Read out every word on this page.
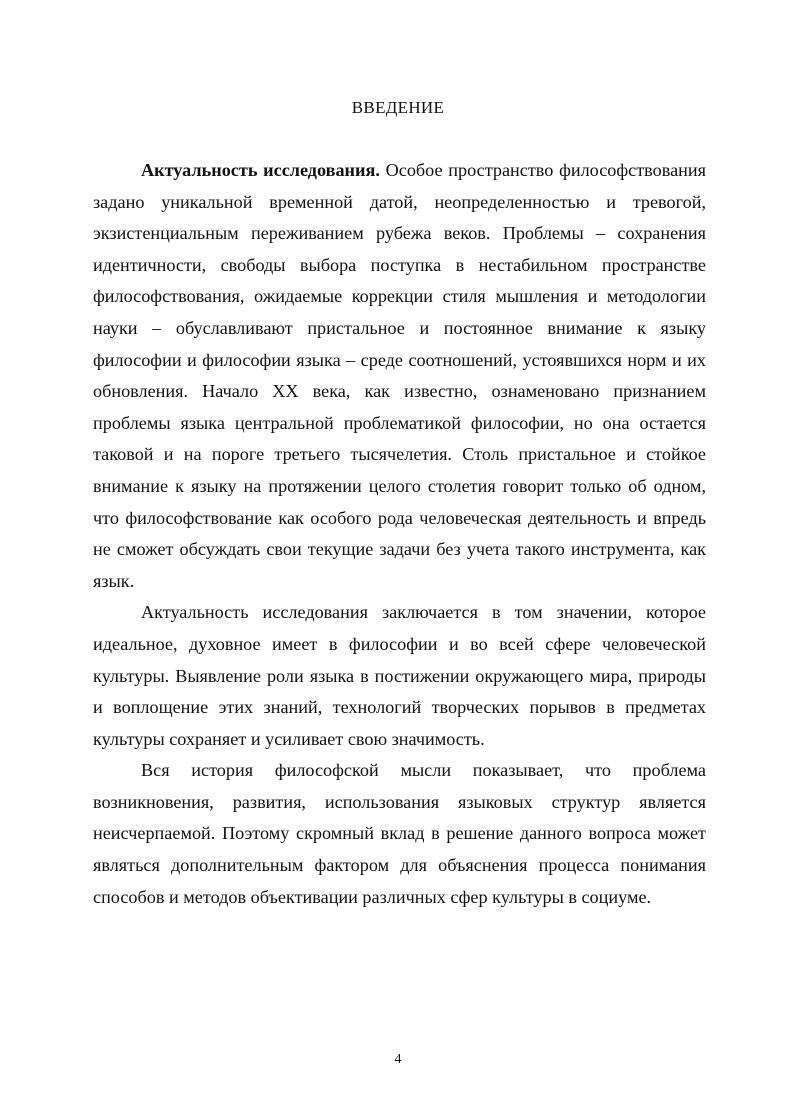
ВВЕДЕНИЕ

Актуальность исследования. Особое пространство философствования задано уникальной временной датой, неопределенностью и тревогой, экзистенциальным переживанием рубежа веков. Проблемы – сохранения идентичности, свободы выбора поступка в нестабильном пространстве философствования, ожидаемые коррекции стиля мышления и методологии науки – обуславливают пристальное и постоянное внимание к языку философии и философии языка – среде соотношений, устоявшихся норм и их обновления. Начало XX века, как известно, ознаменовано признанием проблемы языка центральной проблематикой философии, но она остается таковой и на пороге третьего тысячелетия. Столь пристальное и стойкое внимание к языку на протяжении целого столетия говорит только об одном, что философствование как особого рода человеческая деятельность и впредь не сможет обсуждать свои текущие задачи без учета такого инструмента, как язык.

Актуальность исследования заключается в том значении, которое идеальное, духовное имеет в философии и во всей сфере человеческой культуры. Выявление роли языка в постижении окружающего мира, природы и воплощение этих знаний, технологий творческих порывов в предметах культуры сохраняет и усиливает свою значимость.

Вся история философской мысли показывает, что проблема возникновения, развития, использования языковых структур является неисчерпаемой. Поэтому скромный вклад в решение данного вопроса может являться дополнительным фактором для объяснения процесса понимания способов и методов объективации различных сфер культуры в социуме.

4
